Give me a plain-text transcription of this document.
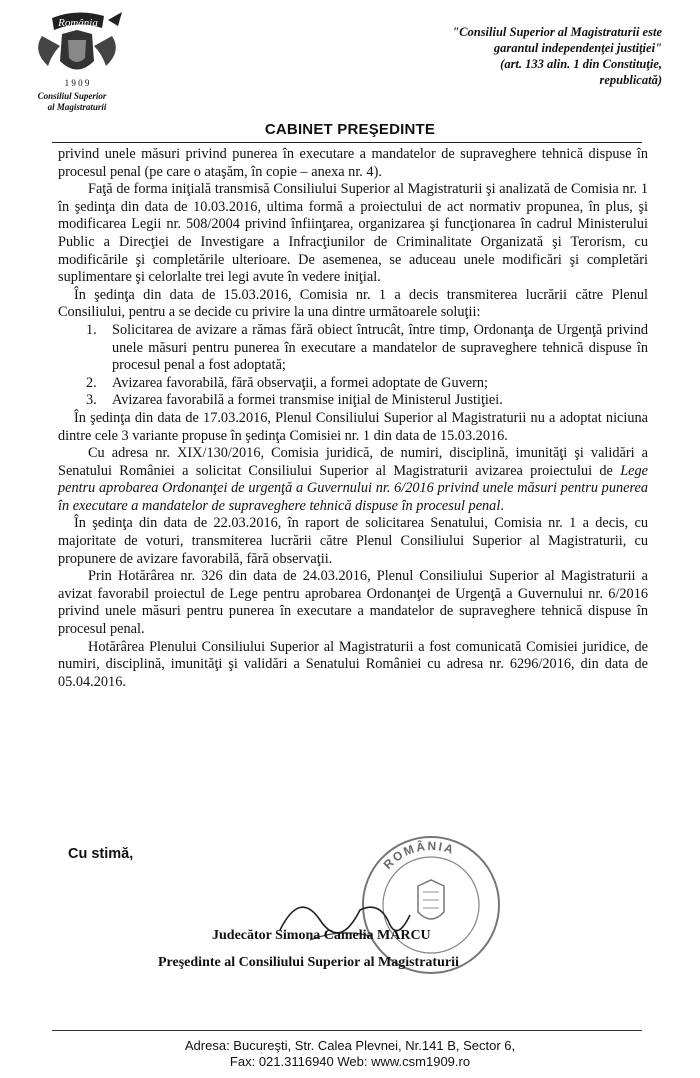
România
1 9 0 9
Consiliul Superior
al Magistraturii
"Consiliul Superior al Magistraturii este
garantul independenţei justiţiei"
(art. 133 alin. 1 din Constituţie,
republicată)
CABINET PREŞEDINTE

privind unele măsuri privind punerea în executare a mandatelor de supraveghere tehnică dispuse în procesul penal (pe care o ataşăm, în copie – anexa nr. 4).

Faţă de forma iniţială transmisă Consiliului Superior al Magistraturii şi analizată de Comisia nr. 1 în şedinţa din data de 10.03.2016, ultima formă a proiectului de act normativ propunea, în plus, şi modificarea Legii nr. 508/2004 privind înfiinţarea, organizarea şi funcţionarea în cadrul Ministerului Public a Direcţiei de Investigare a Infracţiunilor de Criminalitate Organizată şi Terorism, cu modificările şi completările ulterioare. De asemenea, se aduceau unele modificări şi completări suplimentare şi celorlalte trei legi avute în vedere iniţial.

În şedinţa din data de 15.03.2016, Comisia nr. 1 a decis transmiterea lucrării către Plenul Consiliului, pentru a se decide cu privire la una dintre următoarele soluţii:

1. Solicitarea de avizare a rămas fără obiect întrucât, între timp, Ordonanţa de Urgenţă privind unele măsuri pentru punerea în executare a mandatelor de supraveghere tehnică dispuse în procesul penal a fost adoptată;
2. Avizarea favorabilă, fără observaţii, a formei adoptate de Guvern;
3. Avizarea favorabilă a formei transmise iniţial de Ministerul Justiţiei.

În şedinţa din data de 17.03.2016, Plenul Consiliului Superior al Magistraturii nu a adoptat niciuna dintre cele 3 variante propuse în şedinţa Comisiei nr. 1 din data de 15.03.2016.

Cu adresa nr. XIX/130/2016, Comisia juridică, de numiri, disciplină, imunităţi şi validări a Senatului României a solicitat Consiliului Superior al Magistraturii avizarea proiectului de Lege pentru aprobarea Ordonanţei de urgenţă a Guvernului nr. 6/2016 privind unele măsuri pentru punerea în executare a mandatelor de supraveghere tehnică dispuse în procesul penal.

În şedinţa din data de 22.03.2016, în raport de solicitarea Senatului, Comisia nr. 1 a decis, cu majoritate de voturi, transmiterea lucrării către Plenul Consiliului Superior al Magistraturii, cu propunere de avizare favorabilă, fără observaţii.

Prin Hotărârea nr. 326 din data de 24.03.2016, Plenul Consiliului Superior al Magistraturii a avizat favorabil proiectul de Lege pentru aprobarea Ordonanţei de Urgenţă a Guvernului nr. 6/2016 privind unele măsuri pentru punerea în executare a mandatelor de supraveghere tehnică dispuse în procesul penal.

Hotărârea Plenului Consiliului Superior al Magistraturii a fost comunicată Comisiei juridice, de numiri, disciplină, imunităţi şi validări a Senatului României cu adresa nr. 6296/2016, din data de 05.04.2016.

Cu stimă,
ROMÂNIA
Judecător Simona Camelia MARCU
Preşedinte al Consiliului Superior al Magistraturii
Adresa: Bucureşti, Str. Calea Plevnei, Nr.141 B, Sector 6,
Fax: 021.3116940 Web: www.csm1909.ro
